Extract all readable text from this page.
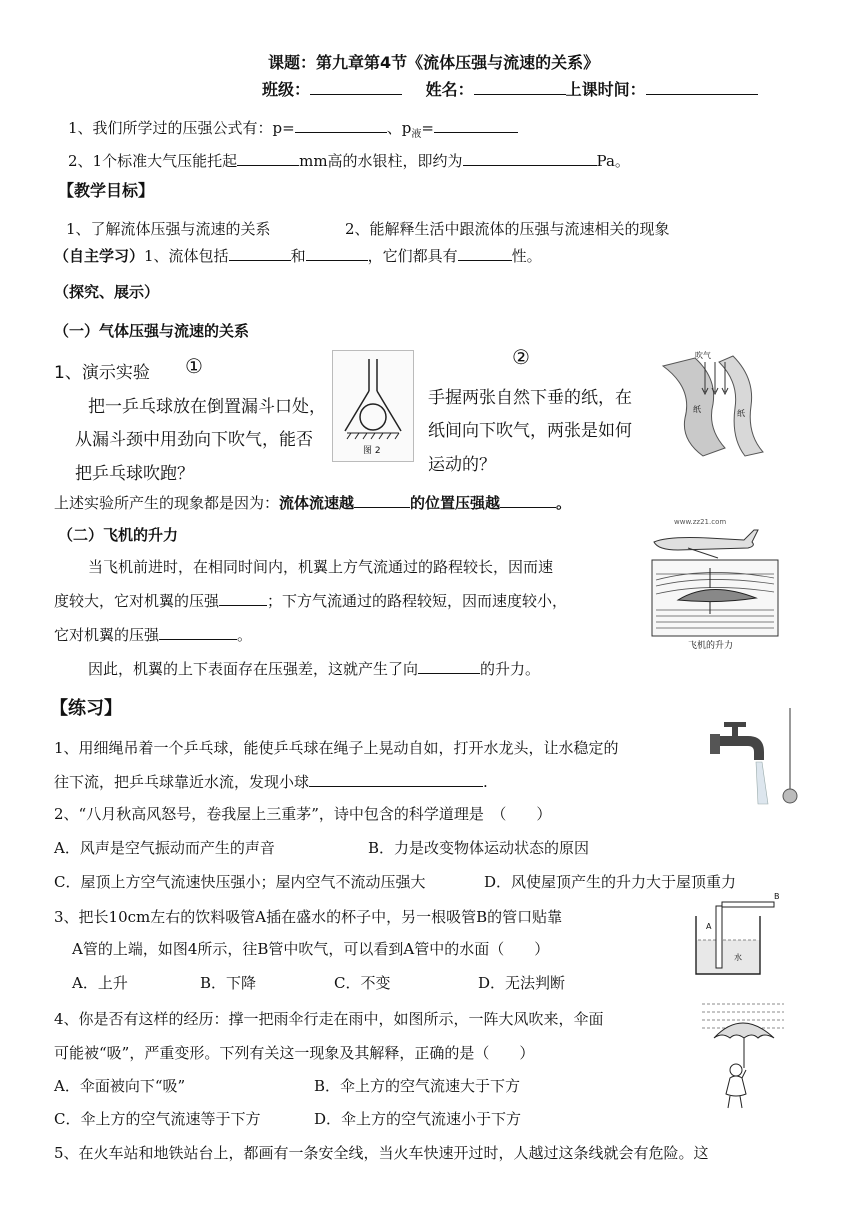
课题：第九章第4节《流体压强与流速的关系》
班级：	姓名：	上课时间：
1、我们所学过的压强公式有：p=	、$p_液=$
2、1个标准大气压能托起	mm高的水银柱，即约为	Pa。
【教学目标】
1、了解流体压强与流速的关系	2、能解释生活中跟流体的压强与流速相关的现象
（自主学习）1、流体包括	和	，它们都具有	性。
（探究、展示）
（一）气体压强与流速的关系
1、演示实验 ①
把一乒乓球放在倒置漏斗口处，
从漏斗颈中用劲向下吹气，能否
把乒乓球吹跑？
图 2
②
手握两张自然下垂的纸，在
纸间向下吹气，两张是如何
运动的？
吹气
纸	纸
上述实验所产生的现象都是因为：流体流速越	的位置压强越	。
（二）飞机的升力
www.zz21.com
飞机的升力
当飞机前进时，在相同时间内，机翼上方气流通过的路程较长，因而速
度较大，它对机翼的压强	；下方气流通过的路程较短，因而速度较小，
它对机翼的压强	。
因此，机翼的上下表面存在压强差，这就产生了向	的升力。
【练习】
1、用细绳吊着一个乒乓球，能使乒乓球在绳子上晃动自如，打开水龙头，让水稳定的
往下流，把乒乓球靠近水流，发现小球	.
2、“八月秋高风怒号，卷我屋上三重茅”，诗中包含的科学道理是　（　　）
A．风声是空气振动而产生的声音	B．力是改变物体运动状态的原因
C．屋顶上方空气流速快压强小；屋内空气不流动压强大	D．风使屋顶产生的升力大于屋顶重力
3、把长10cm左右的饮料吸管A插在盛水的杯子中，另一根吸管B的管口贴靠
A管的上端，如图4所示，往B管中吹气，可以看到A管中的水面（　　）
A．上升	B．下降	C．不变	D．无法判断
B
A
水
4、你是否有这样的经历：撑一把雨伞行走在雨中，如图所示，一阵大风吹来，伞面
可能被“吸”，严重变形。下列有关这一现象及其解释，正确的是（　　）
A．伞面被向下“吸”	B．伞上方的空气流速大于下方
C．伞上方的空气流速等于下方	D．伞上方的空气流速小于下方
5、在火车站和地铁站台上，都画有一条安全线，当火车快速开过时，人越过这条线就会有危险。这
